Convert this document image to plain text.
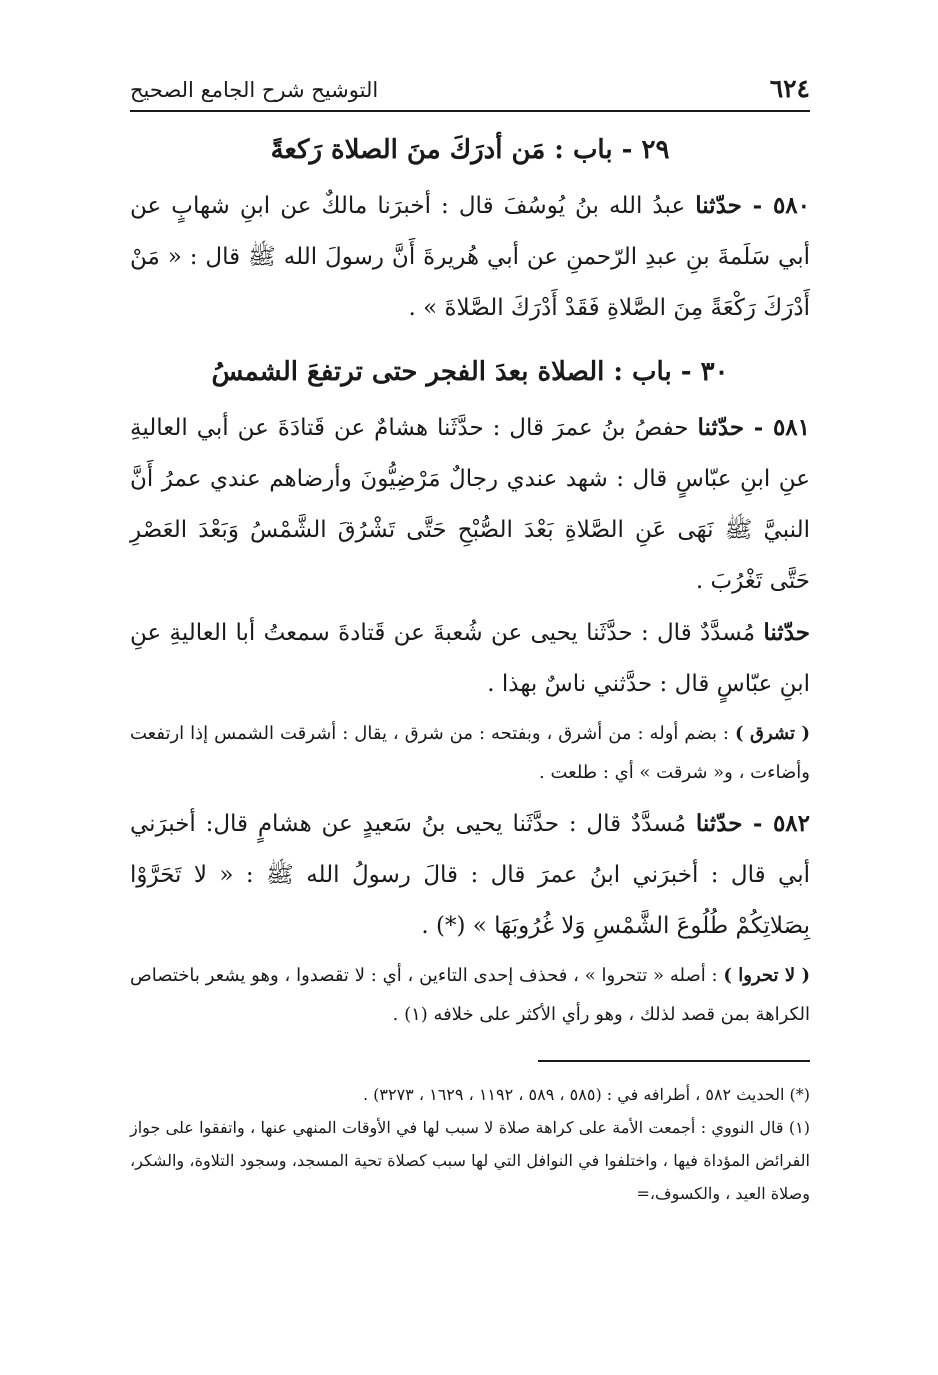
٦٢٤
التوشيح شرح الجامع الصحيح
٢٩ - باب : مَن أدرَكَ منَ الصلاة رَكعةً

٥٨٠ - حدّثنا عبدُ الله بنُ يُوسُفَ قال : أخبرَنا مالكٌ عن ابنِ شهابٍ عن أبي سَلَمةَ بنِ عبدِ الرّحمنِ عن أبي هُريرةَ أَنَّ رسولَ الله ﷺ قال : « مَنْ أَدْرَكَ رَكْعَةً مِنَ الصَّلاةِ فَقَدْ أَدْرَكَ الصَّلاةَ » .

٣٠ - باب : الصلاة بعدَ الفجر حتى ترتفعَ الشمسُ

٥٨١ - حدّثنا حفصُ بنُ عمرَ قال : حدَّثَنا هشامٌ عن قَتادَةَ عن أبي العاليةِ عنِ ابنِ عبّاسٍ قال : شهد عندي رجالٌ مَرْضِيُّونَ وأرضاهم عندي عمرُ أَنَّ النبيَّ ﷺ نَهَى عَنِ الصَّلاةِ بَعْدَ الصُّبْحِ حَتَّى تَشْرُقَ الشَّمْسُ وَبَعْدَ العَصْرِ حَتَّى تَغْرُبَ .

حدّثنا مُسدَّدٌ قال : حدَّثَنا يحيى عن شُعبةَ عن قَتادةَ سمعتُ أبا العاليةِ عنِ ابنِ عبّاسٍ قال : حدَّثني ناسٌ بهذا .

( تشرق ) : بضم أوله : من أشرق ، وبفتحه : من شرق ، يقال : أشرقت الشمس إذا ارتفعت وأضاءت ، و« شرقت » أي : طلعت .

٥٨٢ - حدّثنا مُسدَّدٌ قال : حدَّثَنا يحيى بنُ سَعيدٍ عن هشامٍ قال: أخبرَني أبي قال : أخبرَني ابنُ عمرَ قال : قالَ رسولُ الله ﷺ : « لا تَحَرَّوْا بِصَلاتِكُمْ طُلُوعَ الشَّمْسِ وَلا غُرُوبَهَا » (*) .

( لا تحروا ) : أصله « تتحروا » ، فحذف إحدى التاءين ، أي : لا تقصدوا ، وهو يشعر باختصاص الكراهة بمن قصد لذلك ، وهو رأي الأكثر على خلافه (١) .

(*) الحديث ٥٨٢ ، أطرافه في : (٥٨٥ ، ٥٨٩ ، ١١٩٢ ، ١٦٢٩ ، ٣٢٧٣) .

(١) قال النووي : أجمعت الأمة على كراهة صلاة لا سبب لها في الأوقات المنهي عنها ، واتفقوا على جواز الفرائض المؤداة فيها ، واختلفوا في النوافل التي لها سبب كصلاة تحية المسجد، وسجود التلاوة، والشكر، وصلاة العيد ، والكسوف،=
